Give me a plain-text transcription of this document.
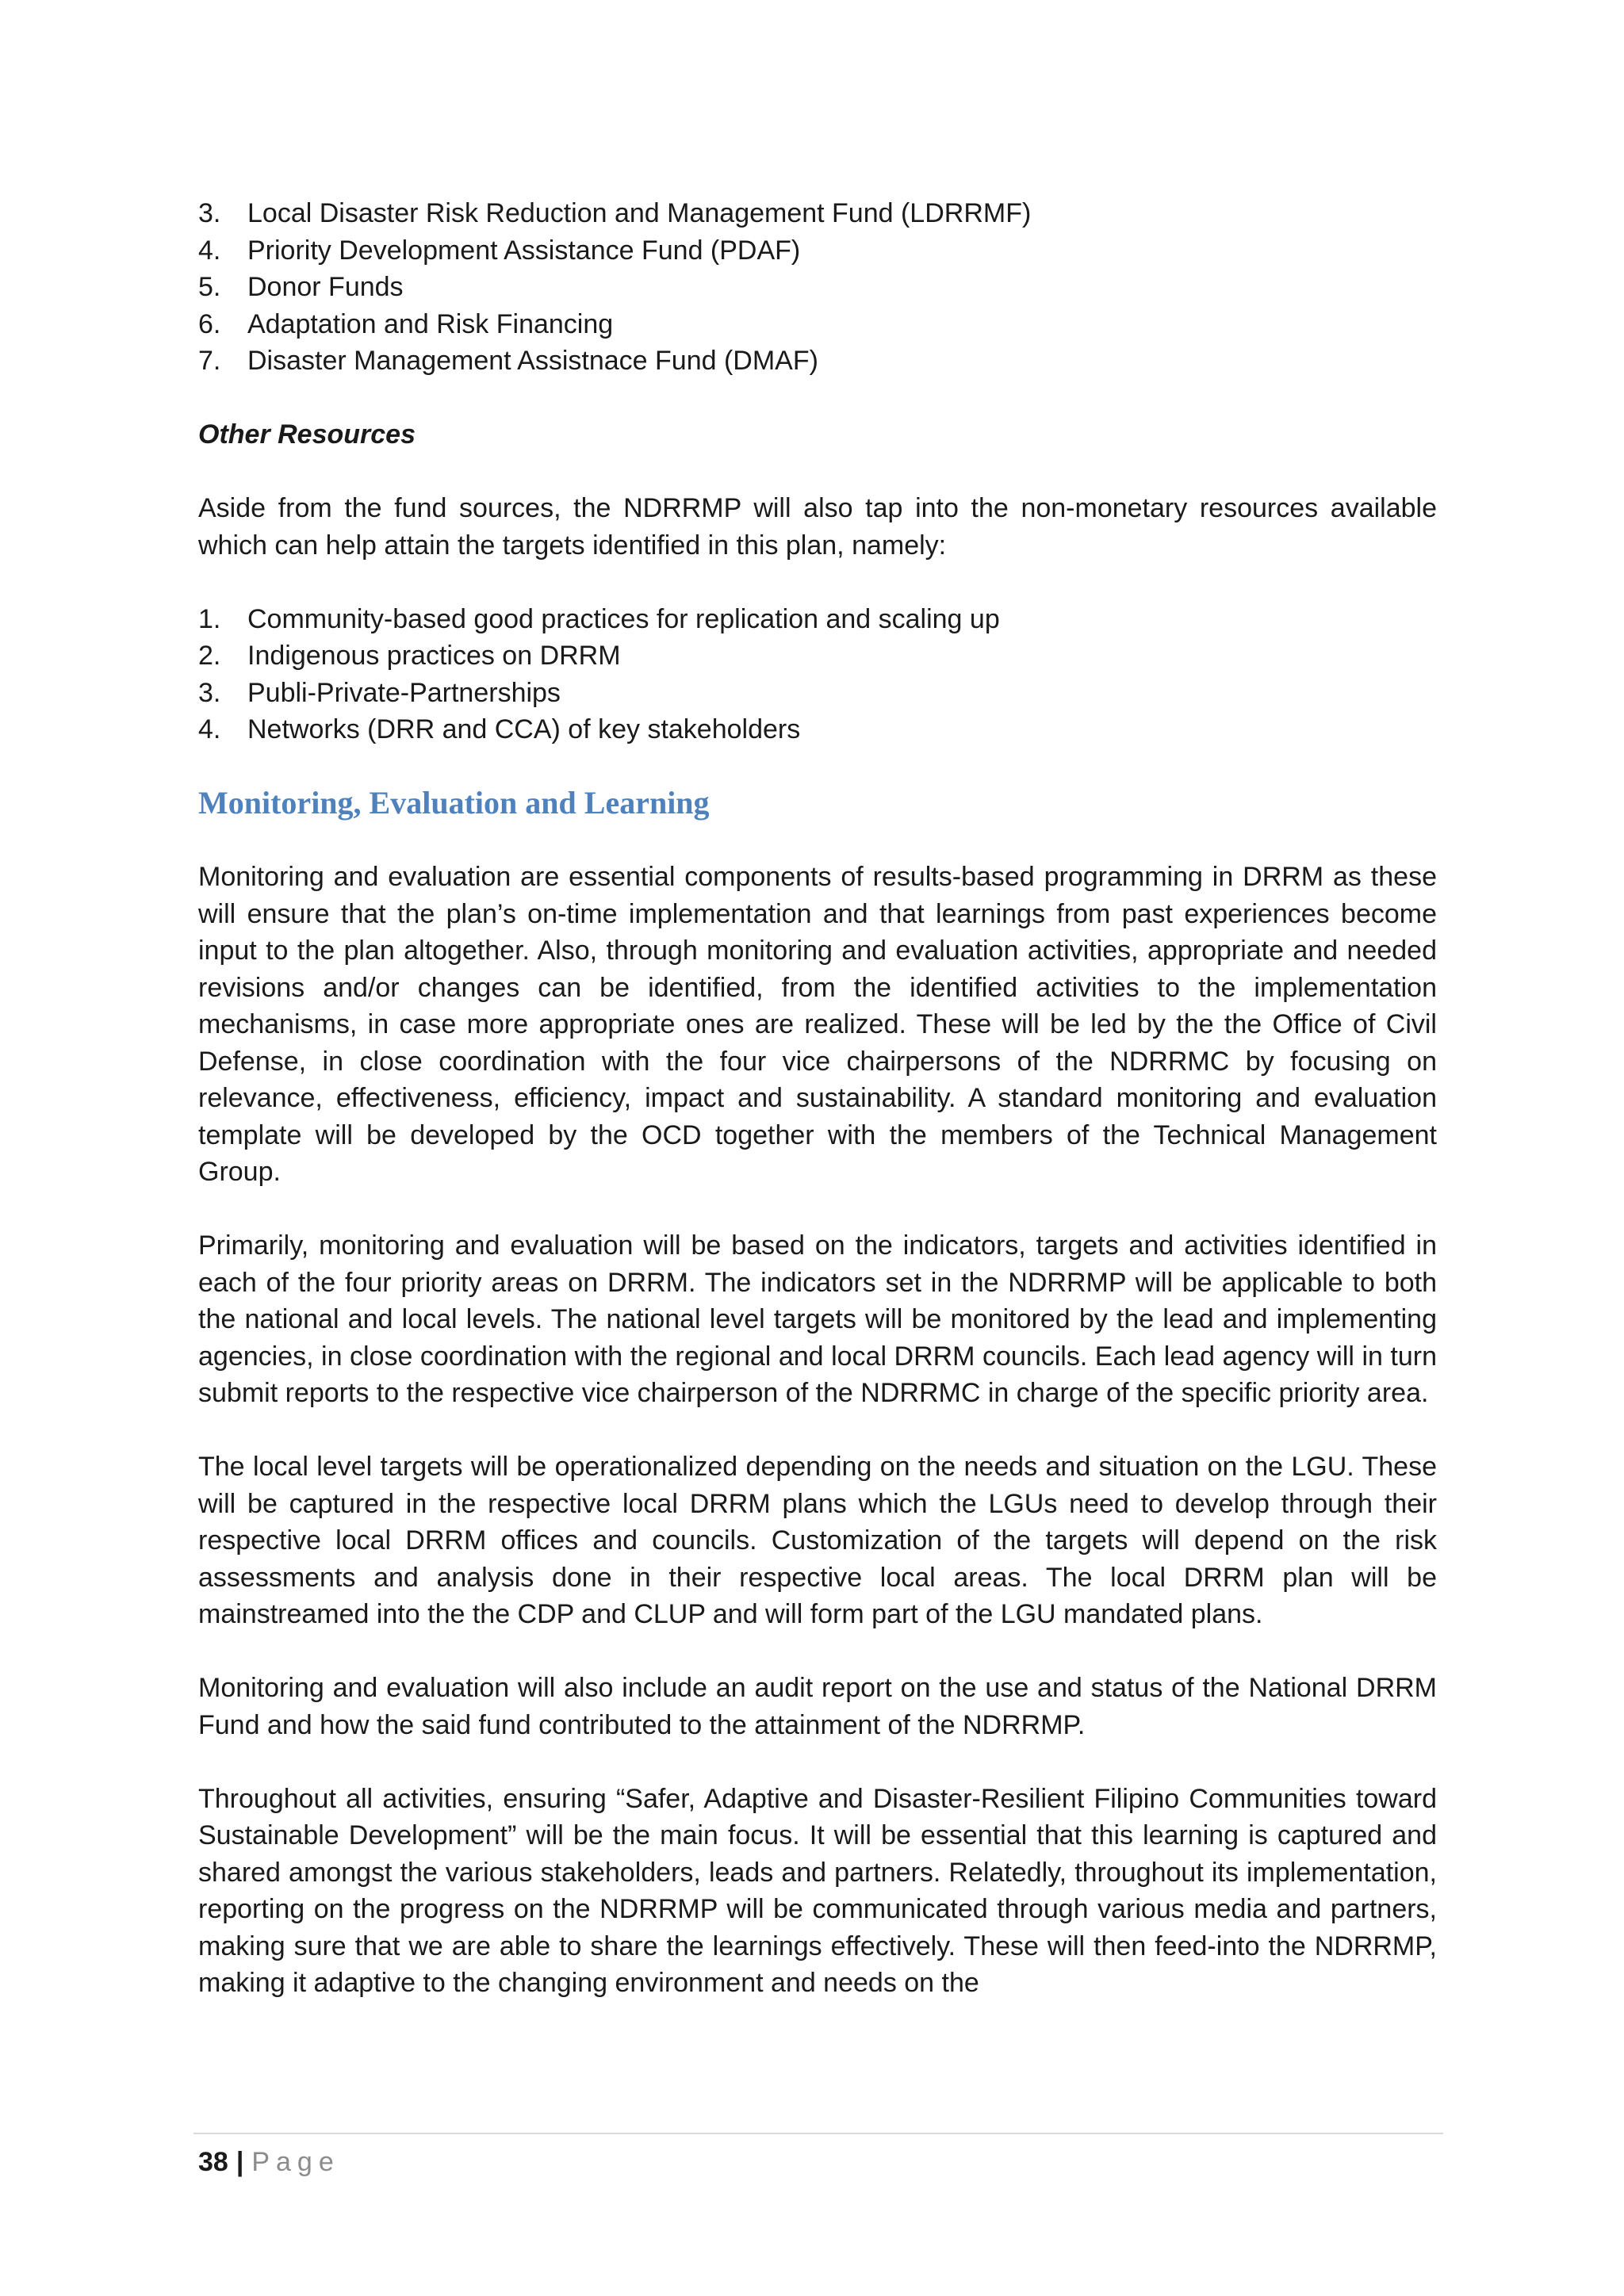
3. Local Disaster Risk Reduction and Management Fund (LDRRMF)
4. Priority Development Assistance Fund (PDAF)
5. Donor Funds
6. Adaptation and Risk Financing
7. Disaster Management Assistnace Fund (DMAF)

Other Resources

Aside from the fund sources, the NDRRMP will also tap into the non-monetary resources available which can help attain the targets identified in this plan, namely:

1. Community-based good practices for replication and scaling up
2. Indigenous practices on DRRM
3. Publi-Private-Partnerships
4. Networks (DRR and CCA) of key stakeholders
Monitoring, Evaluation and Learning

Monitoring and evaluation are essential components of results-based programming in DRRM as these will ensure that the plan’s on-time implementation and that learnings from past experiences become input to the plan altogether. Also, through monitoring and evaluation activities, appropriate and needed revisions and/or changes can be identified, from the identified activities to the implementation mechanisms, in case more appropriate ones are realized. These will be led by the the Office of Civil Defense, in close coordination with the four vice chairpersons of the NDRRMC by focusing on relevance, effectiveness, efficiency, impact and sustainability. A standard monitoring and evaluation template will be developed by the OCD together with the members of the Technical Management Group.

Primarily, monitoring and evaluation will be based on the indicators, targets and activities identified in each of the four priority areas on DRRM. The indicators set in the NDRRMP will be applicable to both the national and local levels. The national level targets will be monitored by the lead and implementing agencies, in close coordination with the regional and local DRRM councils. Each lead agency will in turn submit reports to the respective vice chairperson of the NDRRMC in charge of the specific priority area.

The local level targets will be operationalized depending on the needs and situation on the LGU. These will be captured in the respective local DRRM plans which the LGUs need to develop through their respective local DRRM offices and councils. Customization of the targets will depend on the risk assessments and analysis done in their respective local areas. The local DRRM plan will be mainstreamed into the the CDP and CLUP and will form part of the LGU mandated plans.

Monitoring and evaluation will also include an audit report on the use and status of the National DRRM Fund and how the said fund contributed to the attainment of the NDRRMP.

Throughout all activities, ensuring “Safer, Adaptive and Disaster-Resilient Filipino Communities toward Sustainable Development” will be the main focus. It will be essential that this learning is captured and shared amongst the various stakeholders, leads and partners. Relatedly, throughout its implementation, reporting on the progress on the NDRRMP will be communicated through various media and partners, making sure that we are able to share the learnings effectively. These will then feed-into the NDRRMP, making it adaptive to the changing environment and needs on the

38 | Page
